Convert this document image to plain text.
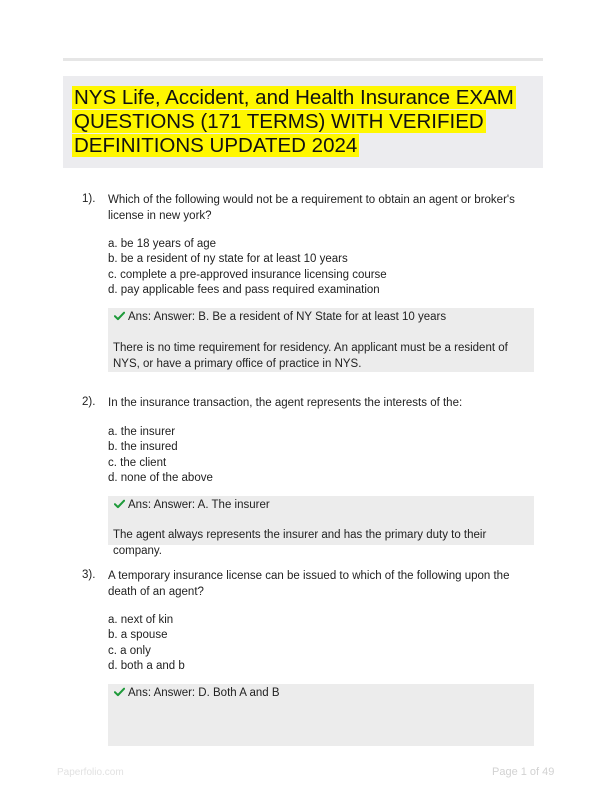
NYS Life, Accident, and Health Insurance EXAM QUESTIONS (171 TERMS) WITH VERIFIED DEFINITIONS UPDATED 2024
1). Which of the following would not be a requirement to obtain an agent or broker's license in new york?
a. be 18 years of age
b. be a resident of ny state for at least 10 years
c. complete a pre-approved insurance licensing course
d. pay applicable fees and pass required examination
Ans: Answer: B. Be a resident of NY State for at least 10 years
There is no time requirement for residency. An applicant must be a resident of NYS, or have a primary office of practice in NYS.
2). In the insurance transaction, the agent represents the interests of the:
a. the insurer
b. the insured
c. the client
d. none of the above
Ans: Answer: A. The insurer
The agent always represents the insurer and has the primary duty to their company.
3). A temporary insurance license can be issued to which of the following upon the death of an agent?
a. next of kin
b. a spouse
c. a only
d. both a and b
Ans: Answer: D. Both A and B
Paperfolio.com	Page 1 of 49
